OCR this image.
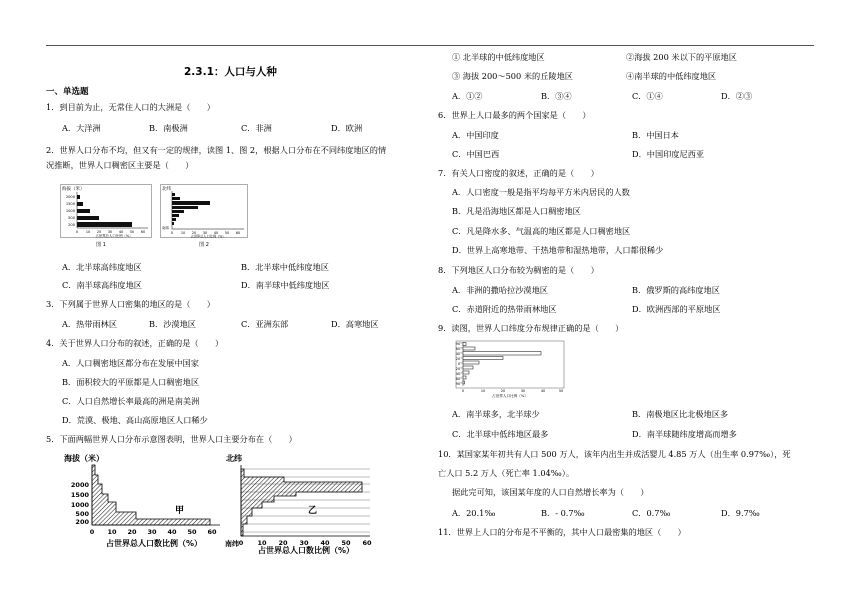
2.3.1：人口与人种
一、单选题
1．到目前为止，无常住人口的大洲是（　　）
A．大洋洲	B．南极洲	C．非洲	D．欧洲
2．世界人口分布不均，但又有一定的规律，读图 1、图 2，根据人口分布在不同纬度地区的情
况推断，世界人口稠密区主要是（　　）
海拔（米）
2000
1500
1000
500
200
0 10 20 30 40 50 60
占世界总人口比例（%）
图 1
北纬
南纬
0 10 20 30 40 50 60
占世界总人口比例（%）
图 2
A．北半球高纬度地区	B．北半球中低纬度地区
C．南半球高纬度地区	D．南半球中低纬度地区
3．下列属于世界人口密集的地区的是（　　）
A．热带雨林区	B．沙漠地区	C．亚洲东部	D．高寒地区
4．关于世界人口分布的叙述，正确的是（　　）
A．人口稠密地区都分布在发展中国家
B．面积较大的平原都是人口稠密地区
C．人口自然增长率最高的洲是南美洲
D．荒漠、极地、高山高原地区人口稀少
5．下面两幅世界人口分布示意图表明，世界人口主要分布在（　　）
海拔（米）
2000
1500
1000
500
200
甲
0 10 20 30 40 50 60
占世界总人口数比例（%）
北纬
乙
0 10 20 30 40 50 60
南纬
占世界总人口数比例（%）
① 北半球的中低纬度地区	②海拔 200 米以下的平原地区
③ 海拔 200～500 米的丘陵地区	④南半球的中低纬度地区
A．①②	B．③④	C．①④	D．②③
6．世界上人口最多的两个国家是（　　）
A．中国印度	B．中国日本
C．中国巴西	D．中国印度尼西亚
7．有关人口密度的叙述，正确的是（　　）
A．人口密度一般是指平均每平方米内居民的人数
B．凡是沿海地区都是人口稠密地区
C．凡是降水多、气温高的地区都是人口稠密地区
D．世界上高寒地带、干热地带和湿热地带，人口都很稀少
8．下列地区人口分布较为稠密的是（　　）
A．非洲的撒哈拉沙漠地区	B．俄罗斯的高纬度地区
C．赤道附近的热带雨林地区	D．欧洲西部的平原地区
9．读图，世界人口纬度分布规律正确的是（　　）
90°
60°
40°
20°
0°
20°
40°
60°
90°
0	10	20	30	40	50
占世界人口比例（%）
A．南半球多，北半球少	B．南极地区比北极地区多
C．北半球中低纬地区最多	D．南半球随纬度增高而增多
10．某国家某年初共有人口 500 万人，该年内出生并成活婴儿 4.85 万人（出生率 0.97‰），死
亡人口 5.2 万人（死亡率 1.04‰）。
据此完可知，该国某年度的人口自然增长率为（　　）
A．20.1‰	B．- 0.7‰	C．0.7‰	D．9.7‰
11．世界上人口的分布是不平衡的，其中人口最密集的地区（　　）
